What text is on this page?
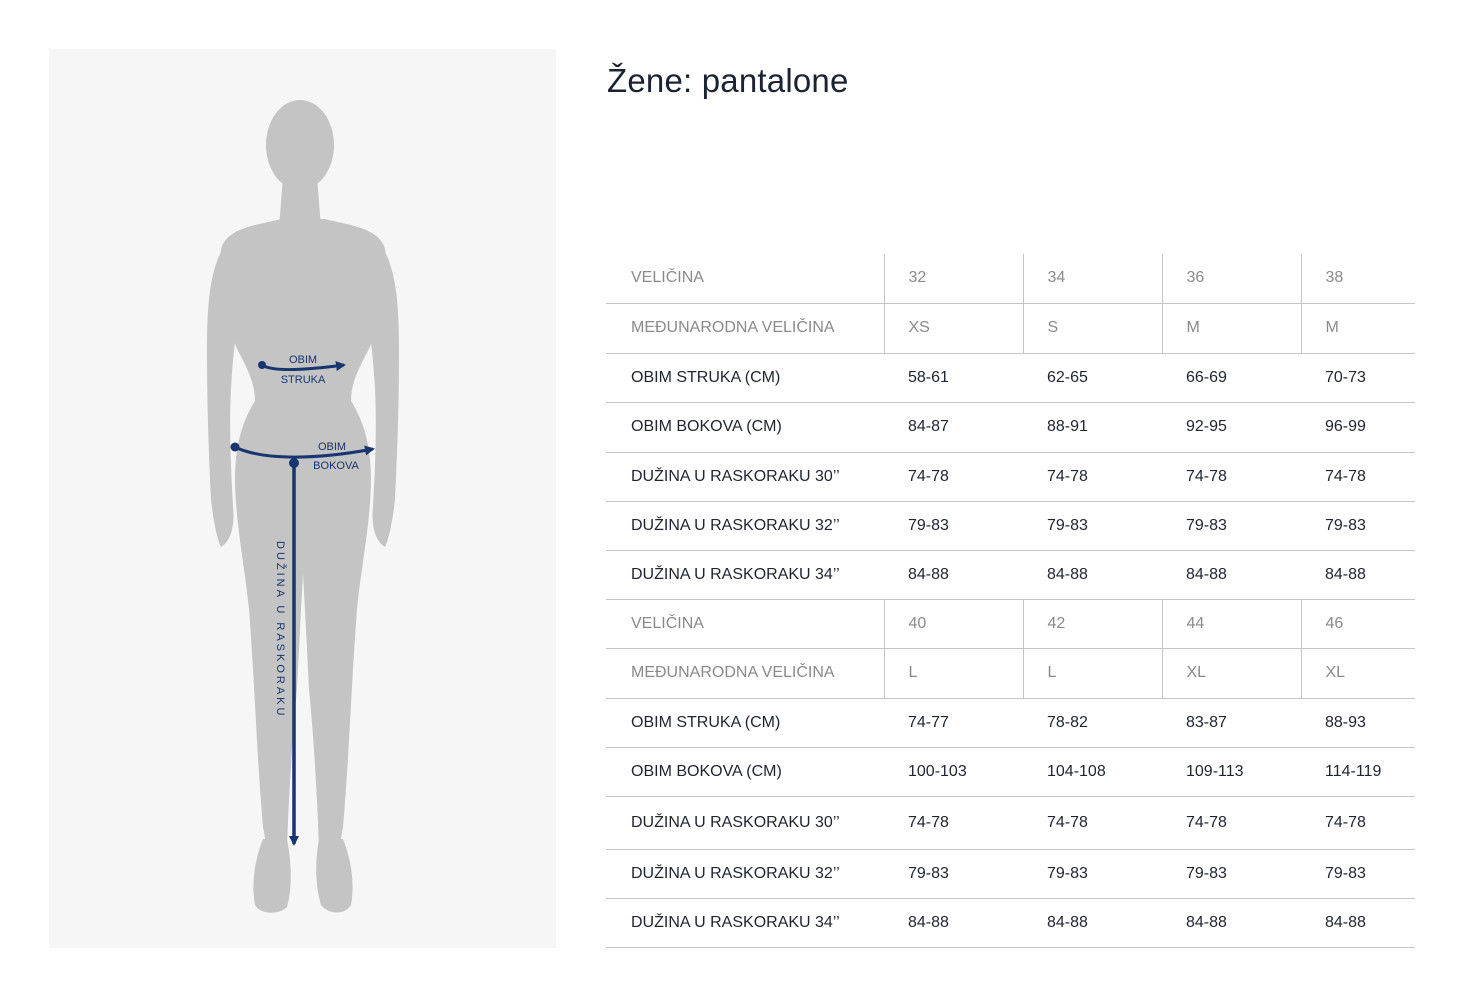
OBIM
STRUKA
OBIM
BOKOVA
DUŽINA U RASKORAKU
Žene: pantalone
VELIČINA	32	34	36	38
MEĐUNARODNA VELIČINA	XS	S	M	M
OBIM STRUKA (CM)	58-61	62-65	66-69	70-73
OBIM BOKOVA (CM)	84-87	88-91	92-95	96-99
DUŽINA U RASKORAKU 30’’	74-78	74-78	74-78	74-78
DUŽINA U RASKORAKU 32’’	79-83	79-83	79-83	79-83
DUŽINA U RASKORAKU 34’’	84-88	84-88	84-88	84-88
VELIČINA	40	42	44	46
MEĐUNARODNA VELIČINA	L	L	XL	XL
OBIM STRUKA (CM)	74-77	78-82	83-87	88-93
OBIM BOKOVA (CM)	100-103	104-108	109-113	114-119
DUŽINA U RASKORAKU 30’’	74-78	74-78	74-78	74-78
DUŽINA U RASKORAKU 32’’	79-83	79-83	79-83	79-83
DUŽINA U RASKORAKU 34’’	84-88	84-88	84-88	84-88
